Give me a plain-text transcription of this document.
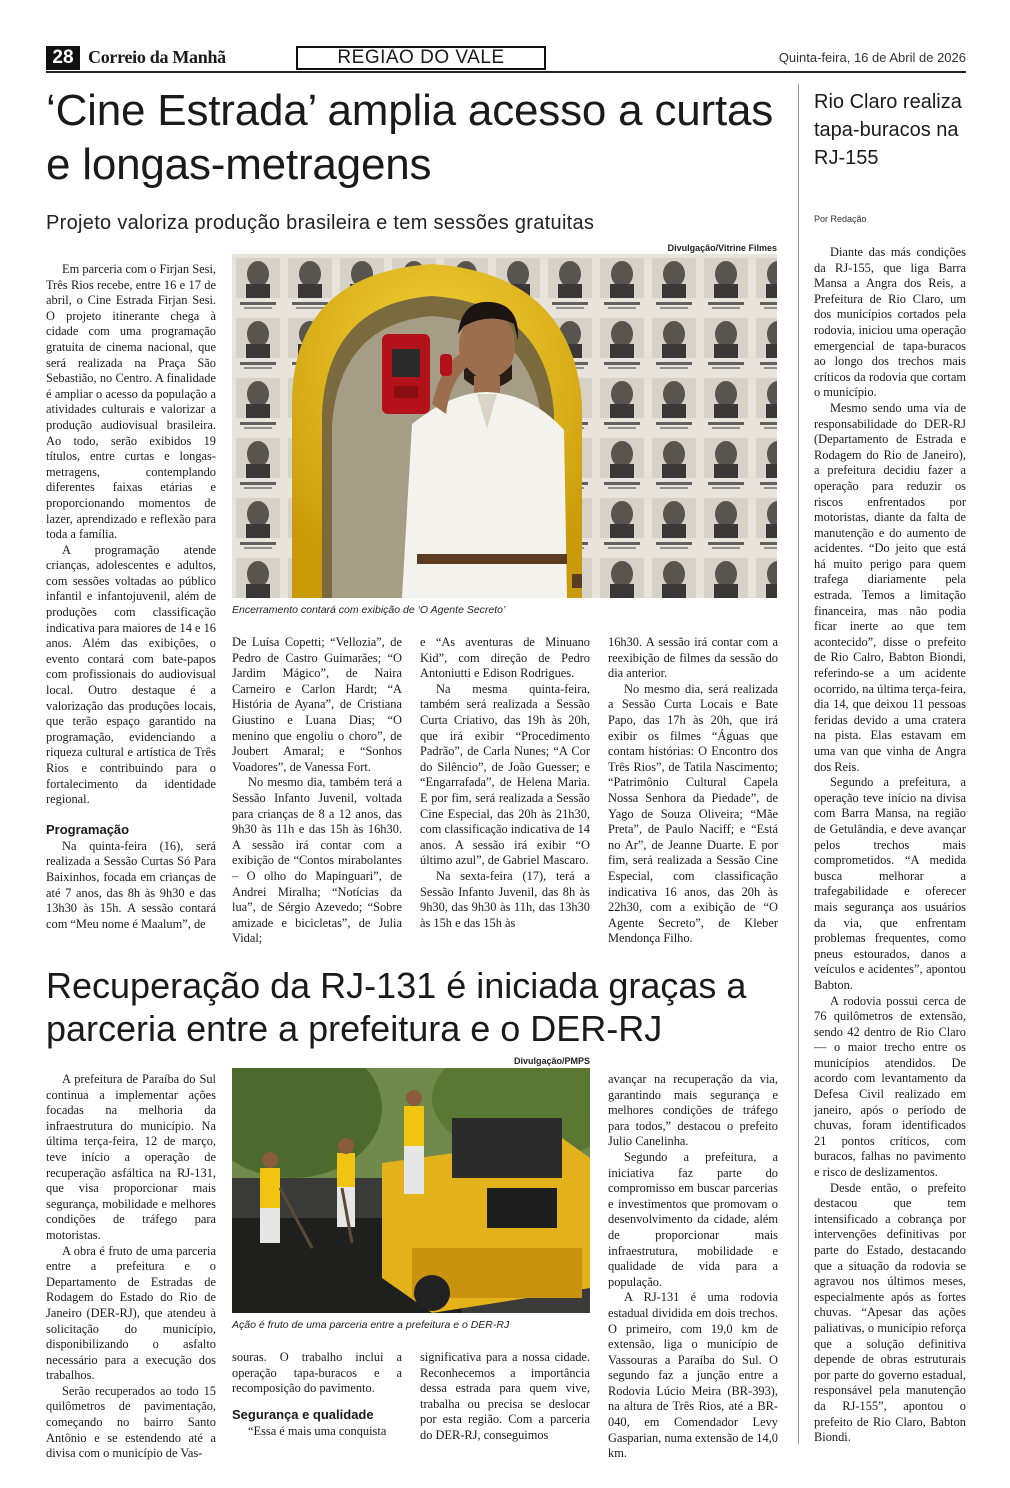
28 Correio da Manhã	REGIÃO DO VALE	Quinta-feira, 16 de Abril de 2026
‘Cine Estrada’ amplia acesso a curtas e longas-metragens
Projeto valoriza produção brasileira e tem sessões gratuitas
Divulgação/Vitrine Filmes
Encerramento contará com exibição de ‘O Agente Secreto’

Em parceria com o Firjan Sesi, Três Rios recebe, entre 16 e 17 de abril, o Cine Estrada Firjan Sesi. O projeto itinerante chega à cidade com uma programação gratuita de cinema nacional, que será realizada na Praça São Sebastião, no Centro. A finalidade é ampliar o acesso da população a atividades culturais e valorizar a produção audiovisual brasileira. Ao todo, serão exibidos 19 títulos, entre curtas e longas-metragens, contemplando diferentes faixas etárias e proporcionando momentos de lazer, aprendizado e reflexão para toda a família.

A programação atende crianças, adolescentes e adultos, com sessões voltadas ao público infantil e infantojuvenil, além de produções com classificação indicativa para maiores de 14 e 16 anos. Além das exibições, o evento contará com bate-papos com profissionais do audiovisual local. Outro destaque é a valorização das produções locais, que terão espaço garantido na programação, evidenciando a riqueza cultural e artística de Três Rios e contribuindo para o fortalecimento da identidade regional.

Programação

Na quinta-feira (16), será realizada a Sessão Curtas Só Para Baixinhos, focada em crianças de até 7 anos, das 8h às 9h30 e das 13h30 às 15h. A sessão contará com “Meu nome é Maalum”, de

De Luísa Copetti; “Vellozia”, de Pedro de Castro Guimarães; “O Jardim Mágico”, de Naira Carneiro e Carlon Hardt; “A História de Ayana”, de Cristiana Giustino e Luana Dias; “O menino que engoliu o choro”, de Joubert Amaral; e “Sonhos Voadores”, de Vanessa Fort.

No mesmo dia, também terá a Sessão Infanto Juvenil, voltada para crianças de 8 a 12 anos, das 9h30 às 11h e das 15h às 16h30. A sessão irá contar com a exibição de “Contos mirabolantes – O olho do Mapinguari”, de Andrei Miralha; “Notícias da lua”, de Sérgio Azevedo; “Sobre amizade e bicicletas”, de Julia Vidal;

e “As aventuras de Minuano Kid”, com direção de Pedro Antoniutti e Edison Rodrigues.

Na mesma quinta-feira, também será realizada a Sessão Curta Criativo, das 19h às 20h, que irá exibir “Procedimento Padrão”, de Carla Nunes; “A Cor do Silêncio”, de João Guesser; e “Engarrafada”, de Helena Maria. E por fim, será realizada a Sessão Cine Especial, das 20h às 21h30, com classificação indicativa de 14 anos. A sessão irá exibir “O último azul”, de Gabriel Mascaro.

Na sexta-feira (17), terá a Sessão Infanto Juvenil, das 8h às 9h30, das 9h30 às 11h, das 13h30 às 15h e das 15h às

16h30. A sessão irá contar com a reexibição de filmes da sessão do dia anterior.

No mesmo dia, será realizada a Sessão Curta Locais e Bate Papo, das 17h às 20h, que irá exibir os filmes “Águas que contam histórias: O Encontro dos Três Rios”, de Tatila Nascimento; “Patrimônio Cultural Capela Nossa Senhora da Piedade”, de Yago de Souza Oliveira; “Mãe Preta”, de Paulo Naciff; e “Está no Ar”, de Jeanne Duarte. E por fim, será realizada a Sessão Cine Especial, com classificação indicativa 16 anos, das 20h às 22h30, com a exibição de “O Agente Secreto”, de Kleber Mendonça Filho.

Recuperação da RJ-131 é iniciada graças a parceria entre a prefeitura e o DER-RJ
Divulgação/PMPS
Ação é fruto de uma parceria entre a prefeitura e o DER-RJ

A prefeitura de Paraíba do Sul continua a implementar ações focadas na melhoria da infraestrutura do município. Na última terça-feira, 12 de março, teve início a operação de recuperação asfáltica na RJ-131, que visa proporcionar mais segurança, mobilidade e melhores condições de tráfego para motoristas.

A obra é fruto de uma parceria entre a prefeitura e o Departamento de Estradas de Rodagem do Estado do Rio de Janeiro (DER-RJ), que atendeu à solicitação do município, disponibilizando o asfalto necessário para a execução dos trabalhos.

Serão recuperados ao todo 15 quilômetros de pavimentação, começando no bairro Santo Antônio e se estendendo até a divisa com o município de Vas-

souras. O trabalho inclui a operação tapa-buracos e a recomposição do pavimento.

Segurança e qualidade

“Essa é mais uma conquista

significativa para a nossa cidade. Reconhecemos a importância dessa estrada para quem vive, trabalha ou precisa se deslocar por esta região. Com a parceria do DER-RJ, conseguimos

avançar na recuperação da via, garantindo mais segurança e melhores condições de tráfego para todos,” destacou o prefeito Julio Canelinha.

Segundo a prefeitura, a iniciativa faz parte do compromisso em buscar parcerias e investimentos que promovam o desenvolvimento da cidade, além de proporcionar mais infraestrutura, mobilidade e qualidade de vida para a população.

A RJ-131 é uma rodovia estadual dividida em dois trechos. O primeiro, com 19,0 km de extensão, liga o município de Vassouras a Paraíba do Sul. O segundo faz a junção entre a Rodovia Lúcio Meira (BR-393), na altura de Três Rios, até a BR-040, em Comendador Levy Gasparian, numa extensão de 14,0 km.

Rio Claro realiza tapa-buracos na RJ-155
Por Redação

Diante das más condições da RJ-155, que liga Barra Mansa a Angra dos Reis, a Prefeitura de Rio Claro, um dos municípios cortados pela rodovia, iniciou uma operação emergencial de tapa-buracos ao longo dos trechos mais críticos da rodovia que cortam o município.

Mesmo sendo uma via de responsabilidade do DER-RJ (Departamento de Estrada e Rodagem do Rio de Janeiro), a prefeitura decidiu fazer a operação para reduzir os riscos enfrentados por motoristas, diante da falta de manutenção e do aumento de acidentes. “Do jeito que está há muito perigo para quem trafega diariamente pela estrada. Temos a limitação financeira, mas não podia ficar inerte ao que tem acontecido”, disse o prefeito de Rio Calro, Babton Biondi, referindo-se a um acidente ocorrido, na última terça-feira, dia 14, que deixou 11 pessoas feridas devido a uma cratera na pista. Elas estavam em uma van que vinha de Angra dos Reis.

Segundo a prefeitura, a operação teve início na divisa com Barra Mansa, na região de Getulândia, e deve avançar pelos trechos mais comprometidos. “A medida busca melhorar a trafegabilidade e oferecer mais segurança aos usuários da via, que enfrentam problemas frequentes, como pneus estourados, danos a veículos e acidentes”, apontou Babton.

A rodovia possui cerca de 76 quilômetros de extensão, sendo 42 dentro de Rio Claro — o maior trecho entre os municípios atendidos. De acordo com levantamento da Defesa Civil realizado em janeiro, após o período de chuvas, foram identificados 21 pontos críticos, com buracos, falhas no pavimento e risco de deslizamentos.

Desde então, o prefeito destacou que tem intensificado a cobrança por intervenções definitivas por parte do Estado, destacando que a situação da rodovia se agravou nos últimos meses, especialmente após as fortes chuvas. “Apesar das ações paliativas, o município reforça que a solução definitiva depende de obras estruturais por parte do governo estadual, responsável pela manutenção da RJ-155”, apontou o prefeito de Rio Claro, Babton Biondi.
